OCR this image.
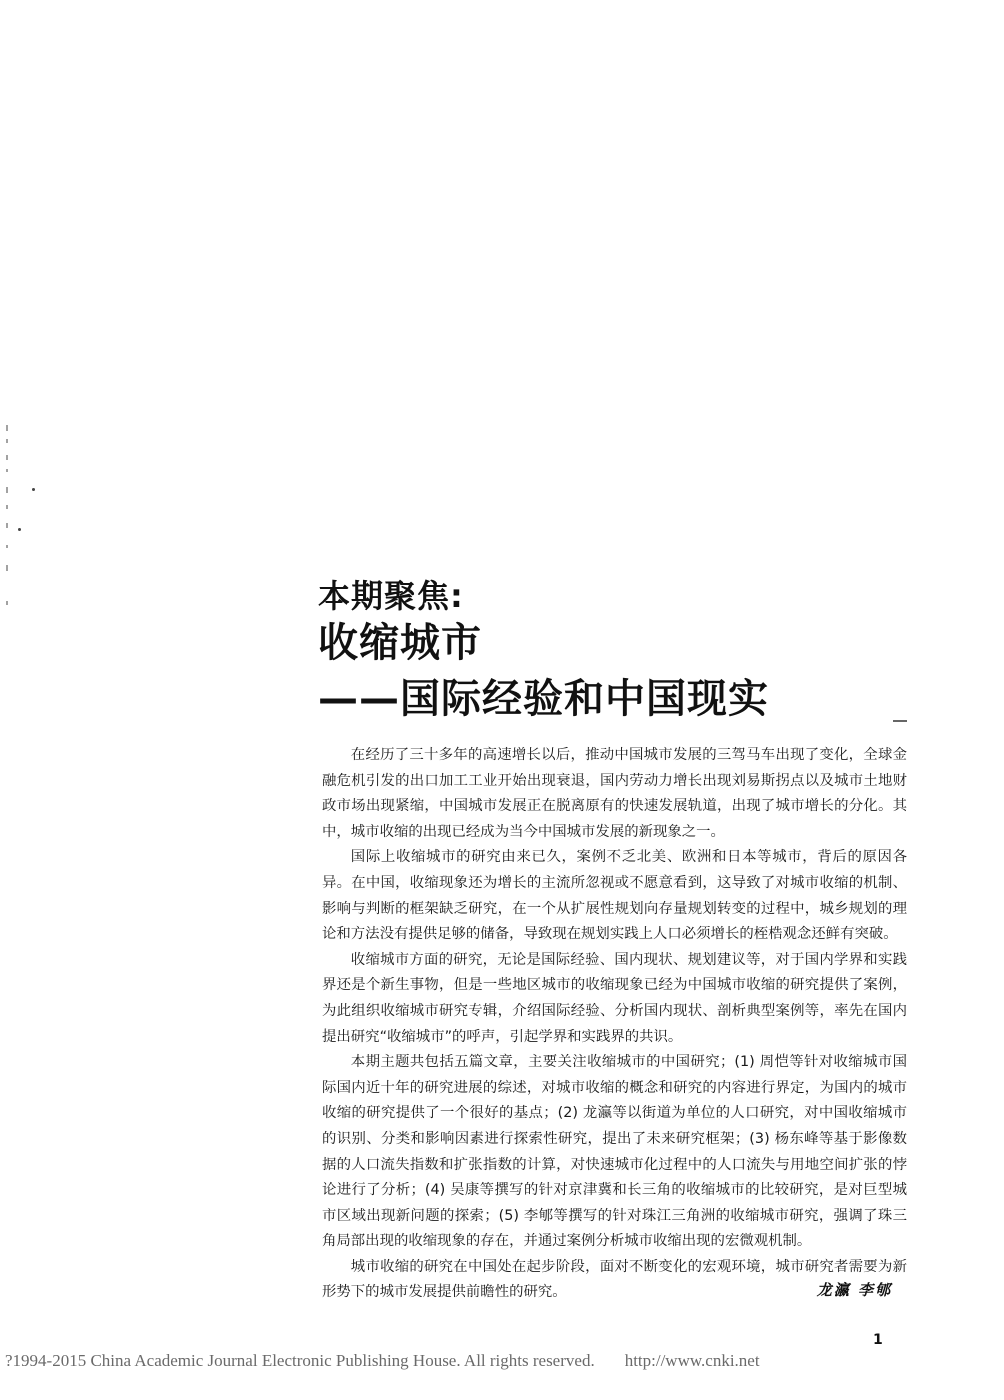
本期聚焦:
收缩城市
——国际经验和中国现实

在经历了三十多年的高速增长以后，推动中国城市发展的三驾马车出现了变化，全球金融危机引发的出口加工工业开始出现衰退，国内劳动力增长出现刘易斯拐点以及城市土地财政市场出现紧缩，中国城市发展正在脱离原有的快速发展轨道，出现了城市增长的分化。其中，城市收缩的出现已经成为当今中国城市发展的新现象之一。

国际上收缩城市的研究由来已久，案例不乏北美、欧洲和日本等城市，背后的原因各异。在中国，收缩现象还为增长的主流所忽视或不愿意看到，这导致了对城市收缩的机制、影响与判断的框架缺乏研究，在一个从扩展性规划向存量规划转变的过程中，城乡规划的理论和方法没有提供足够的储备，导致现在规划实践上人口必须增长的桎梏观念还鲜有突破。

收缩城市方面的研究，无论是国际经验、国内现状、规划建议等，对于国内学界和实践界还是个新生事物，但是一些地区城市的收缩现象已经为中国城市收缩的研究提供了案例，为此组织收缩城市研究专辑，介绍国际经验、分析国内现状、剖析典型案例等，率先在国内提出研究“收缩城市”的呼声，引起学界和实践界的共识。

本期主题共包括五篇文章，主要关注收缩城市的中国研究；(1) 周恺等针对收缩城市国际国内近十年的研究进展的综述，对城市收缩的概念和研究的内容进行界定，为国内的城市收缩的研究提供了一个很好的基点；(2) 龙瀛等以街道为单位的人口研究，对中国收缩城市的识别、分类和影响因素进行探索性研究，提出了未来研究框架；(3) 杨东峰等基于影像数据的人口流失指数和扩张指数的计算，对快速城市化过程中的人口流失与用地空间扩张的悖论进行了分析；(4) 吴康等撰写的针对京津冀和长三角的收缩城市的比较研究，是对巨型城市区域出现新问题的探索；(5) 李郇等撰写的针对珠江三角洲的收缩城市研究，强调了珠三角局部出现的收缩现象的存在，并通过案例分析城市收缩出现的宏微观机制。

城市收缩的研究在中国处在起步阶段，面对不断变化的宏观环境，城市研究者需要为新形势下的城市发展提供前瞻性的研究。	龙瀛 李郇
1
?1994-2015 China Academic Journal Electronic Publishing House. All rights reserved. http://www.cnki.net
